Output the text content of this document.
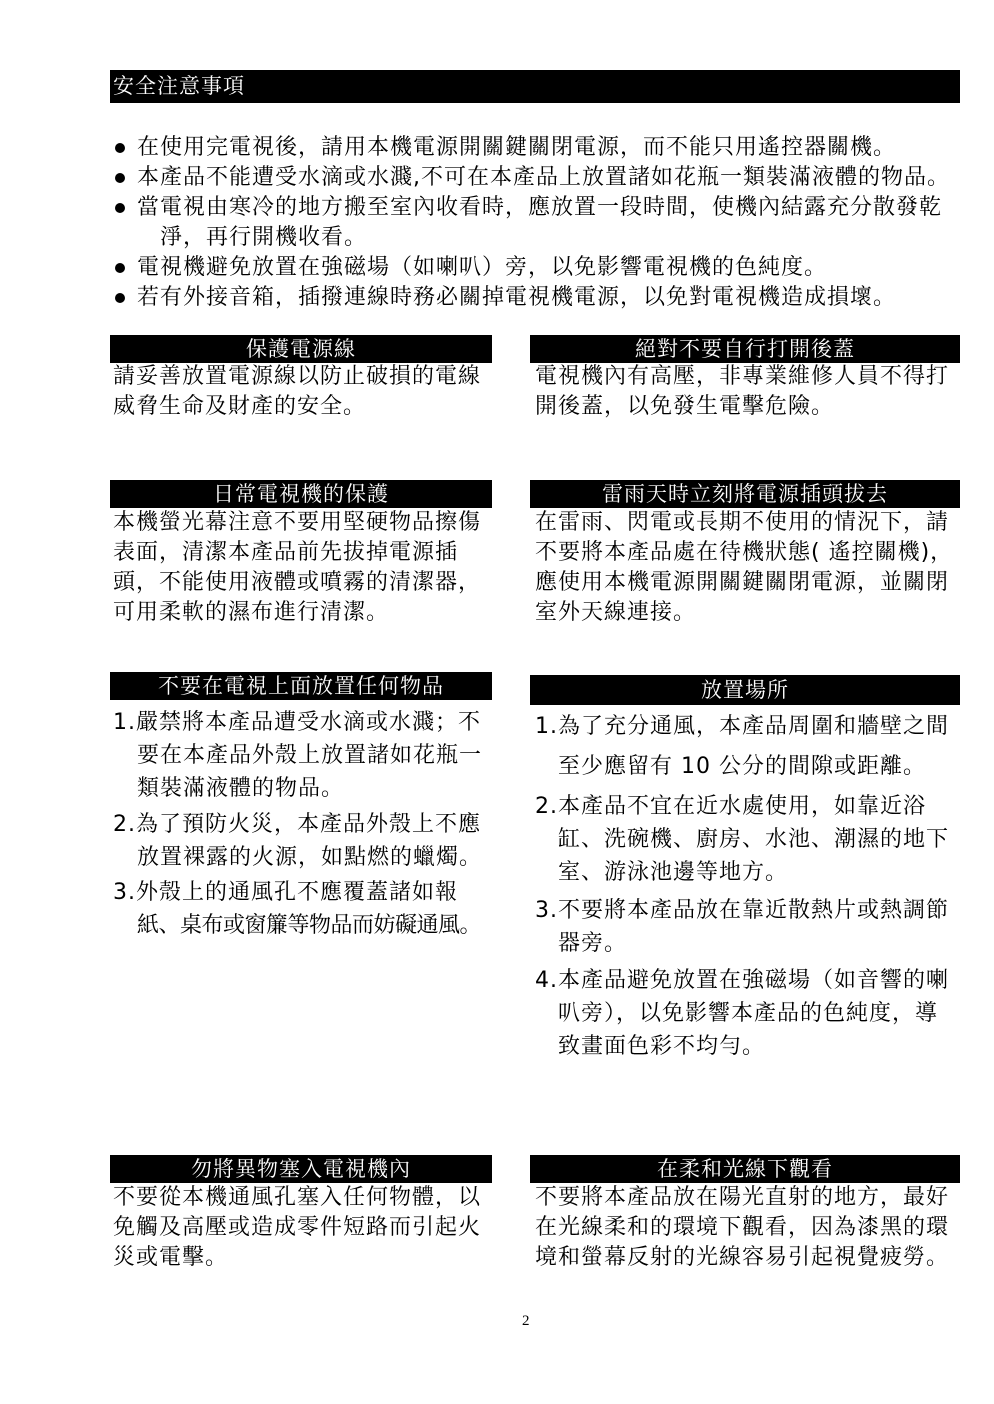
安全注意事項
在使用完電視後，請用本機電源開關鍵關閉電源，而不能只用遙控器關機。
本產品不能遭受水滴或水濺,不可在本產品上放置諸如花瓶一類裝滿液體的物品。
當電視由寒冷的地方搬至室內收看時，應放置一段時間，使機內結露充分散發乾
淨，再行開機收看。
電視機避免放置在強磁場（如喇叭）旁，以免影響電視機的色純度。
若有外接音箱，插撥連線時務必關掉電視機電源，以免對電視機造成損壞。
保護電源線	絕對不要自行打開後蓋
請妥善放置電源線以防止破損的電線
威脅生命及財產的安全。
電視機內有高壓，非專業維修人員不得打
開後蓋，以免發生電擊危險。
日常電視機的保護	雷雨天時立刻將電源插頭拔去
本機螢光幕注意不要用堅硬物品擦傷
表面，清潔本產品前先拔掉電源插
頭，不能使用液體或噴霧的清潔器，
可用柔軟的濕布進行清潔。
在雷雨、閃電或長期不使用的情況下，請
不要將本產品處在待機狀態( 遙控關機)，
應使用本機電源開關鍵關閉電源，並關閉
室外天線連接。
不要在電視上面放置任何物品	放置場所
1.嚴禁將本產品遭受水滴或水濺；不
要在本產品外殼上放置諸如花瓶一
類裝滿液體的物品。
2.為了預防火災，本產品外殼上不應
放置裸露的火源，如點燃的蠟燭。
3.外殼上的通風孔不應覆蓋諸如報
紙、桌布或窗簾等物品而妨礙通風。
1.為了充分通風，本產品周圍和牆壁之間
至少應留有 10 公分的間隙或距離。
2.本產品不宜在近水處使用，如靠近浴
缸、洗碗機、廚房、水池、潮濕的地下
室、游泳池邊等地方。
3.不要將本產品放在靠近散熱片或熱調節
器旁。
4.本產品避免放置在強磁場（如音響的喇
叭旁），以免影響本產品的色純度，導
致畫面色彩不均勻。
勿將異物塞入電視機內	在柔和光線下觀看
不要從本機通風孔塞入任何物體，以
免觸及高壓或造成零件短路而引起火
災或電擊。
不要將本產品放在陽光直射的地方，最好
在光線柔和的環境下觀看，因為漆黑的環
境和螢幕反射的光線容易引起視覺疲勞。
2
